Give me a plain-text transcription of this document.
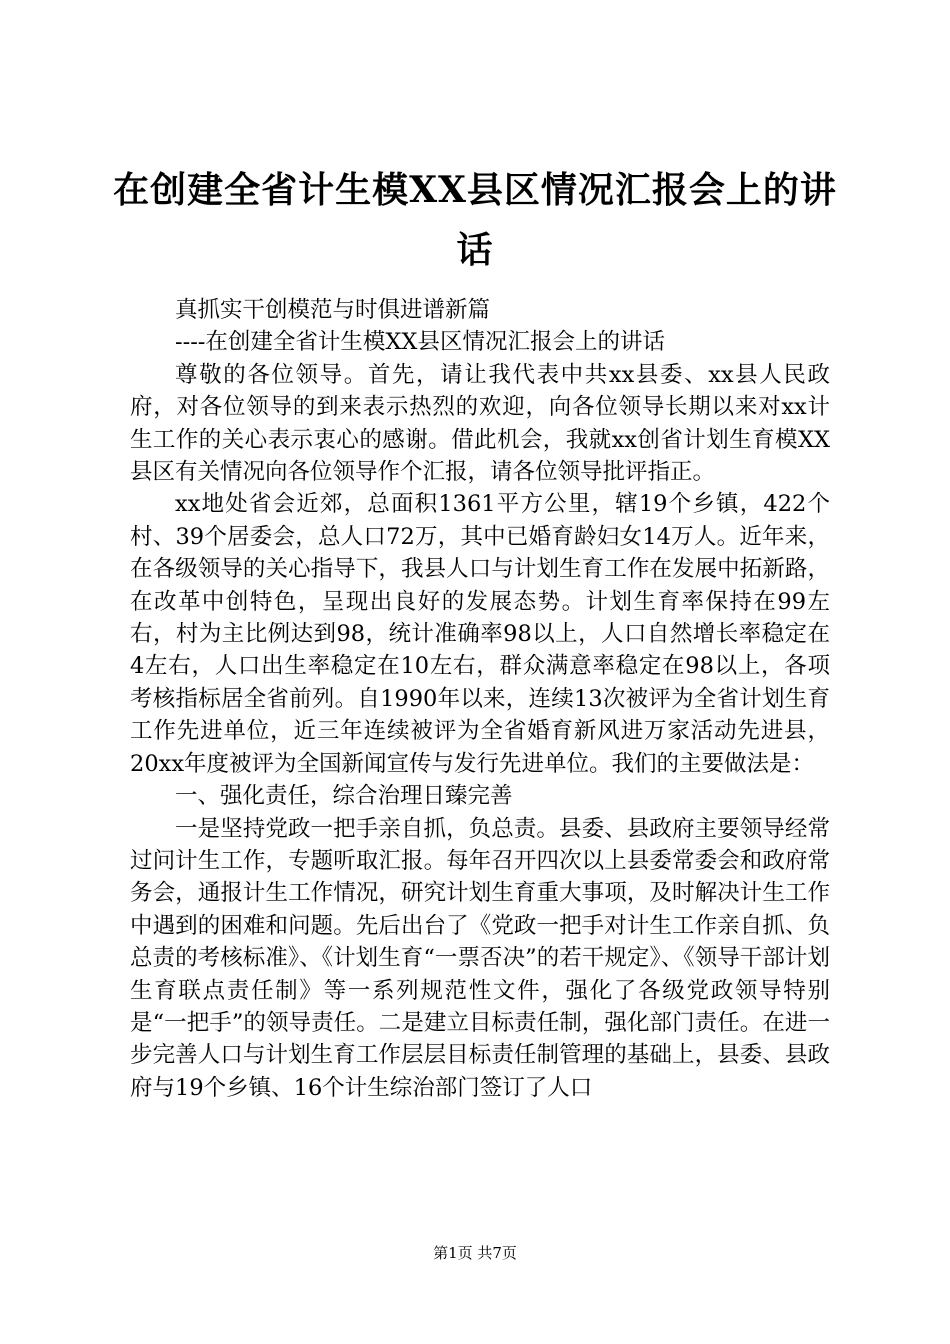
在创建全省计生模XX县区情况汇报会上的讲话

真抓实干创模范与时俱进谱新篇

----在创建全省计生模XX县区情况汇报会上的讲话

尊敬的各位领导。首先，请让我代表中共xx县委、xx县人民政府，对各位领导的到来表示热烈的欢迎，向各位领导长期以来对xx计生工作的关心表示衷心的感谢。借此机会，我就xx创省计划生育模XX县区有关情况向各位领导作个汇报，请各位领导批评指正。

xx地处省会近郊，总面积1361平方公里，辖19个乡镇，422个村、39个居委会，总人口72万，其中已婚育龄妇女14万人。近年来，在各级领导的关心指导下，我县人口与计划生育工作在发展中拓新路，在改革中创特色，呈现出良好的发展态势。计划生育率保持在99左右，村为主比例达到98，统计准确率98以上，人口自然增长率稳定在4左右，人口出生率稳定在10左右，群众满意率稳定在98以上，各项考核指标居全省前列。自1990年以来，连续13次被评为全省计划生育工作先进单位，近三年连续被评为全省婚育新风进万家活动先进县，20xx年度被评为全国新闻宣传与发行先进单位。我们的主要做法是：

一、强化责任，综合治理日臻完善

一是坚持党政一把手亲自抓，负总责。县委、县政府主要领导经常过问计生工作，专题听取汇报。每年召开四次以上县委常委会和政府常务会，通报计生工作情况，研究计划生育重大事项，及时解决计生工作中遇到的困难和问题。先后出台了《党政一把手对计生工作亲自抓、负总责的考核标准》、《计划生育“一票否决”的若干规定》、《领导干部计划生育联点责任制》等一系列规范性文件，强化了各级党政领导特别是“一把手”的领导责任。二是建立目标责任制，强化部门责任。在进一步完善人口与计划生育工作层层目标责任制管理的基础上，县委、县政府与19个乡镇、16个计生综治部门签订了人口

第1页 共7页
